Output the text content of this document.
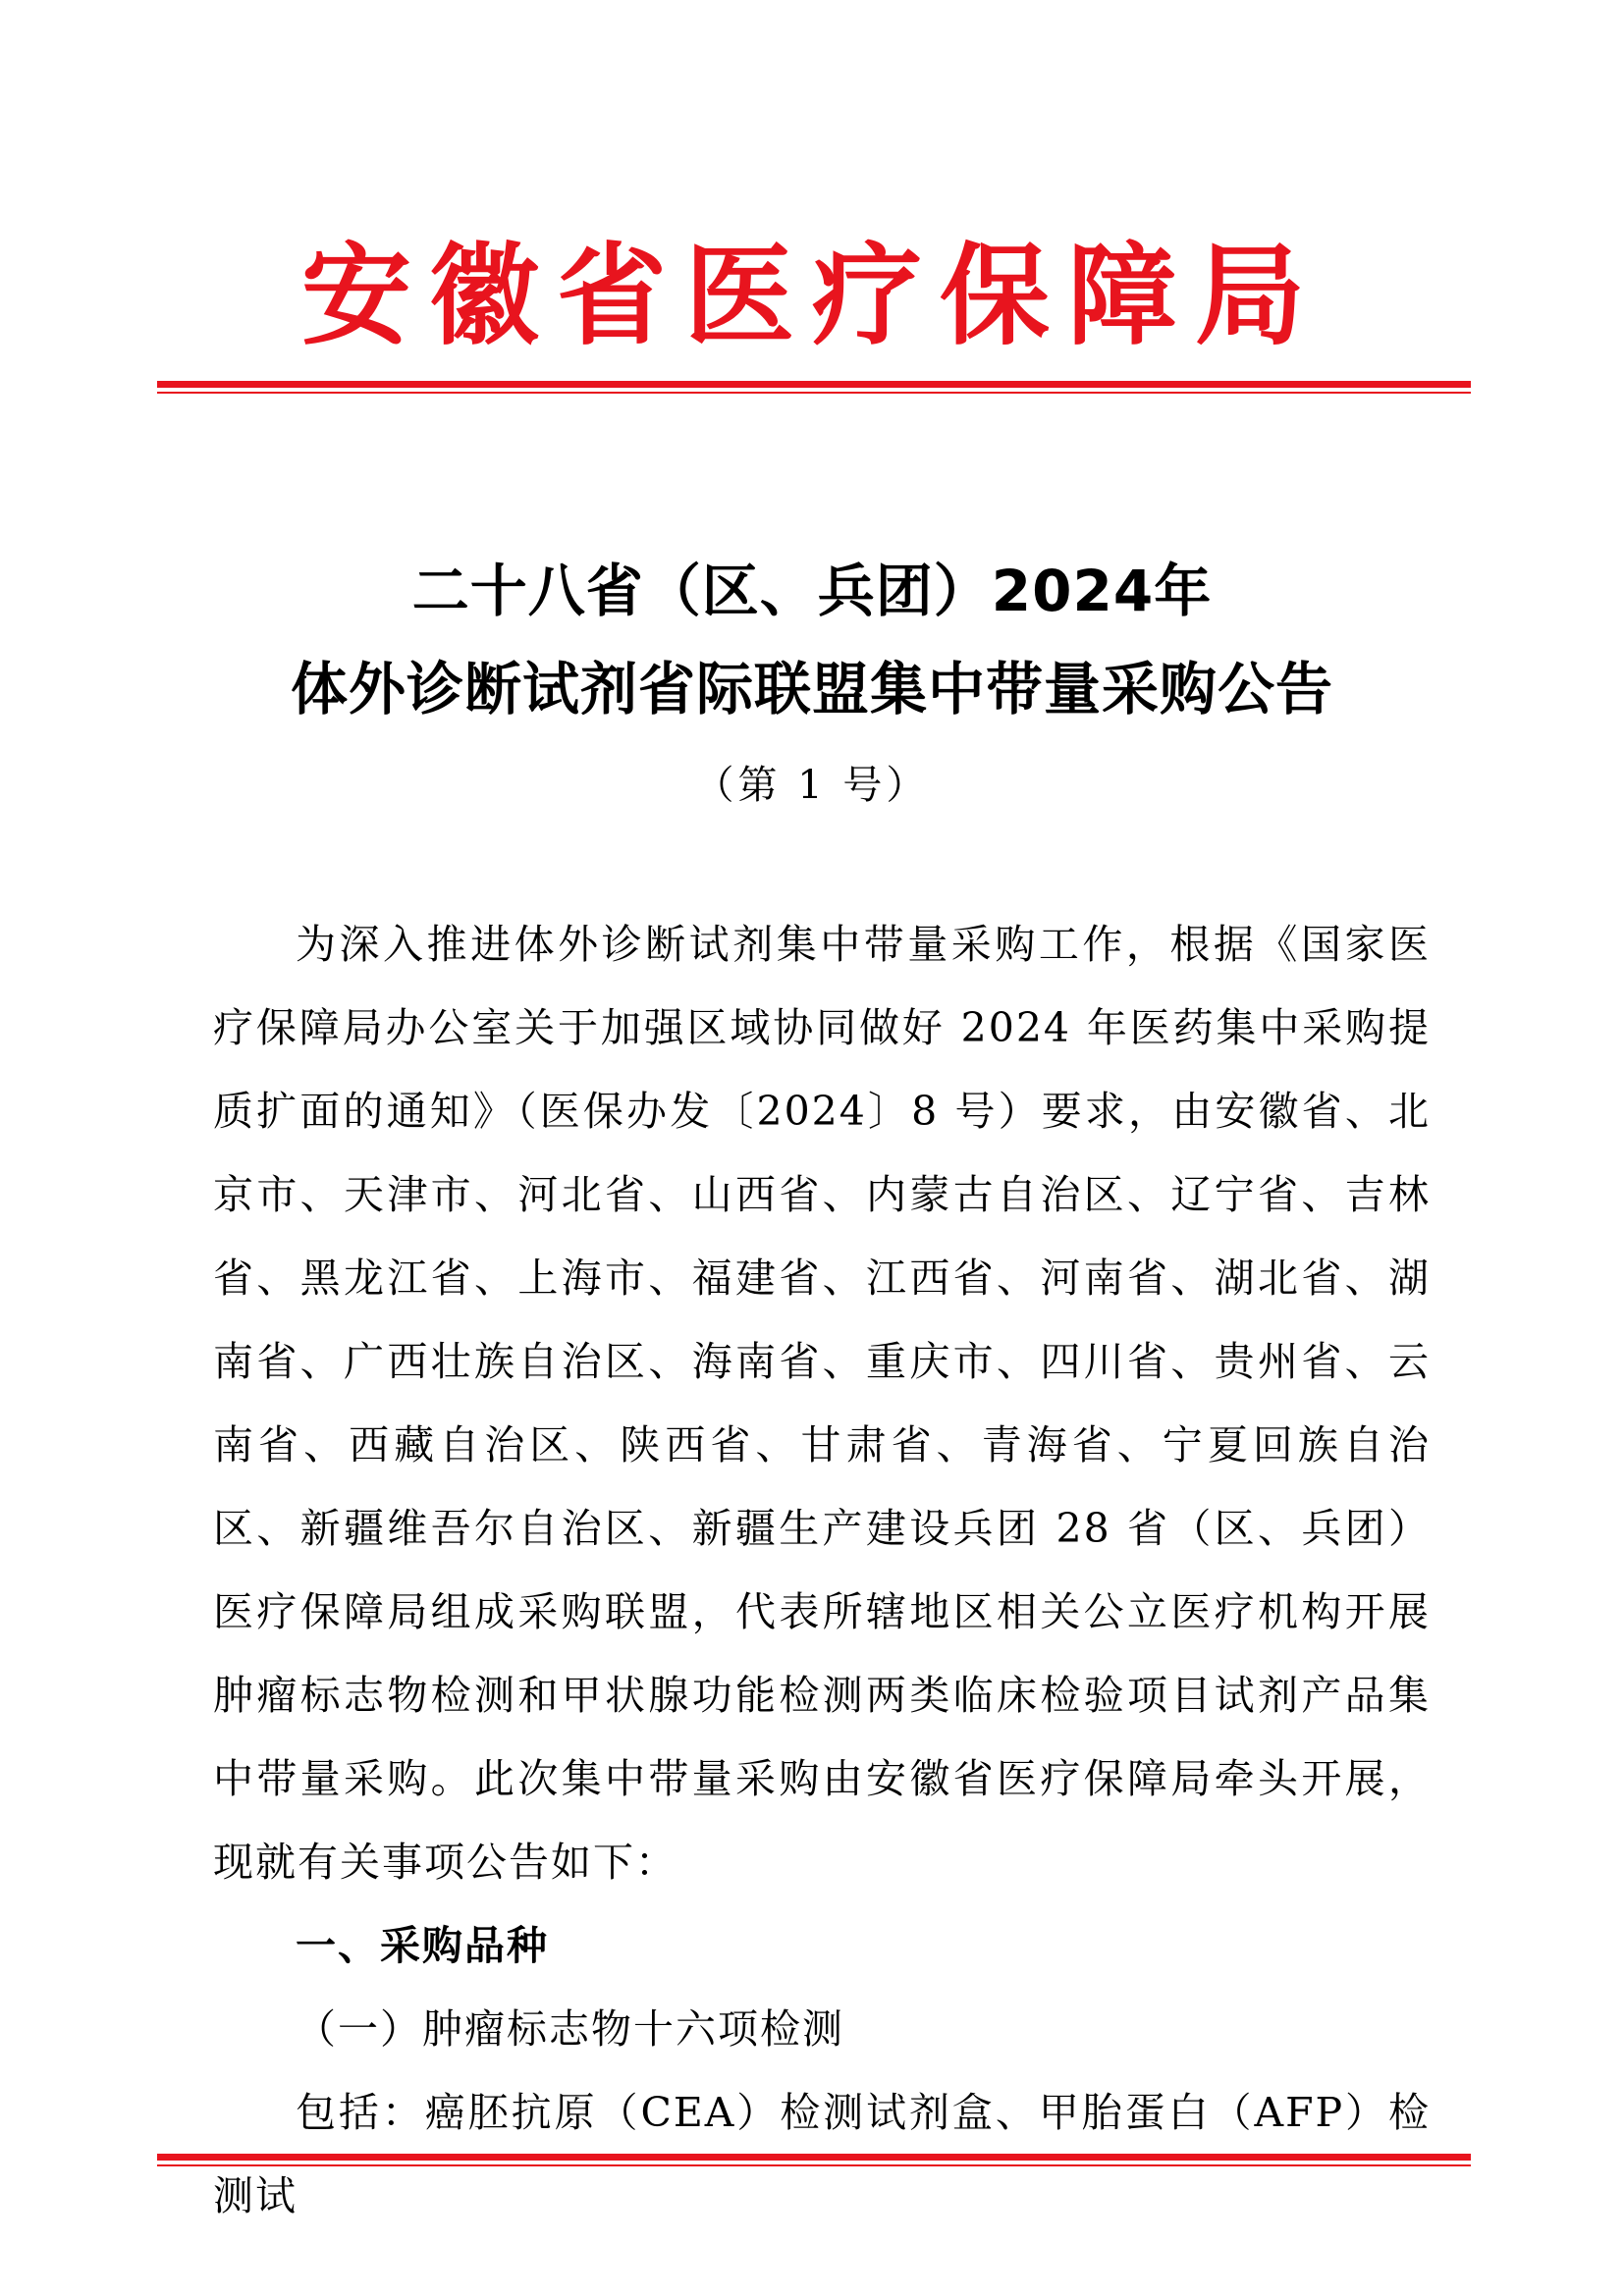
安徽省医疗保障局
二十八省（区、兵团）2024年
体外诊断试剂省际联盟集中带量采购公告
（第 1 号）

为深入推进体外诊断试剂集中带量采购工作，根据《国家医疗保障局办公室关于加强区域协同做好 2024 年医药集中采购提质扩面的通知》（医保办发〔2024〕8 号）要求，由安徽省、北京市、天津市、河北省、山西省、内蒙古自治区、辽宁省、吉林省、黑龙江省、上海市、福建省、江西省、河南省、湖北省、湖南省、广西壮族自治区、海南省、重庆市、四川省、贵州省、云南省、西藏自治区、陕西省、甘肃省、青海省、宁夏回族自治区、新疆维吾尔自治区、新疆生产建设兵团 28 省（区、兵团）医疗保障局组成采购联盟，代表所辖地区相关公立医疗机构开展肿瘤标志物检测和甲状腺功能检测两类临床检验项目试剂产品集中带量采购。此次集中带量采购由安徽省医疗保障局牵头开展，现就有关事项公告如下：

一、采购品种

（一）肿瘤标志物十六项检测

包括：癌胚抗原（CEA）检测试剂盒、甲胎蛋白（AFP）检测试
